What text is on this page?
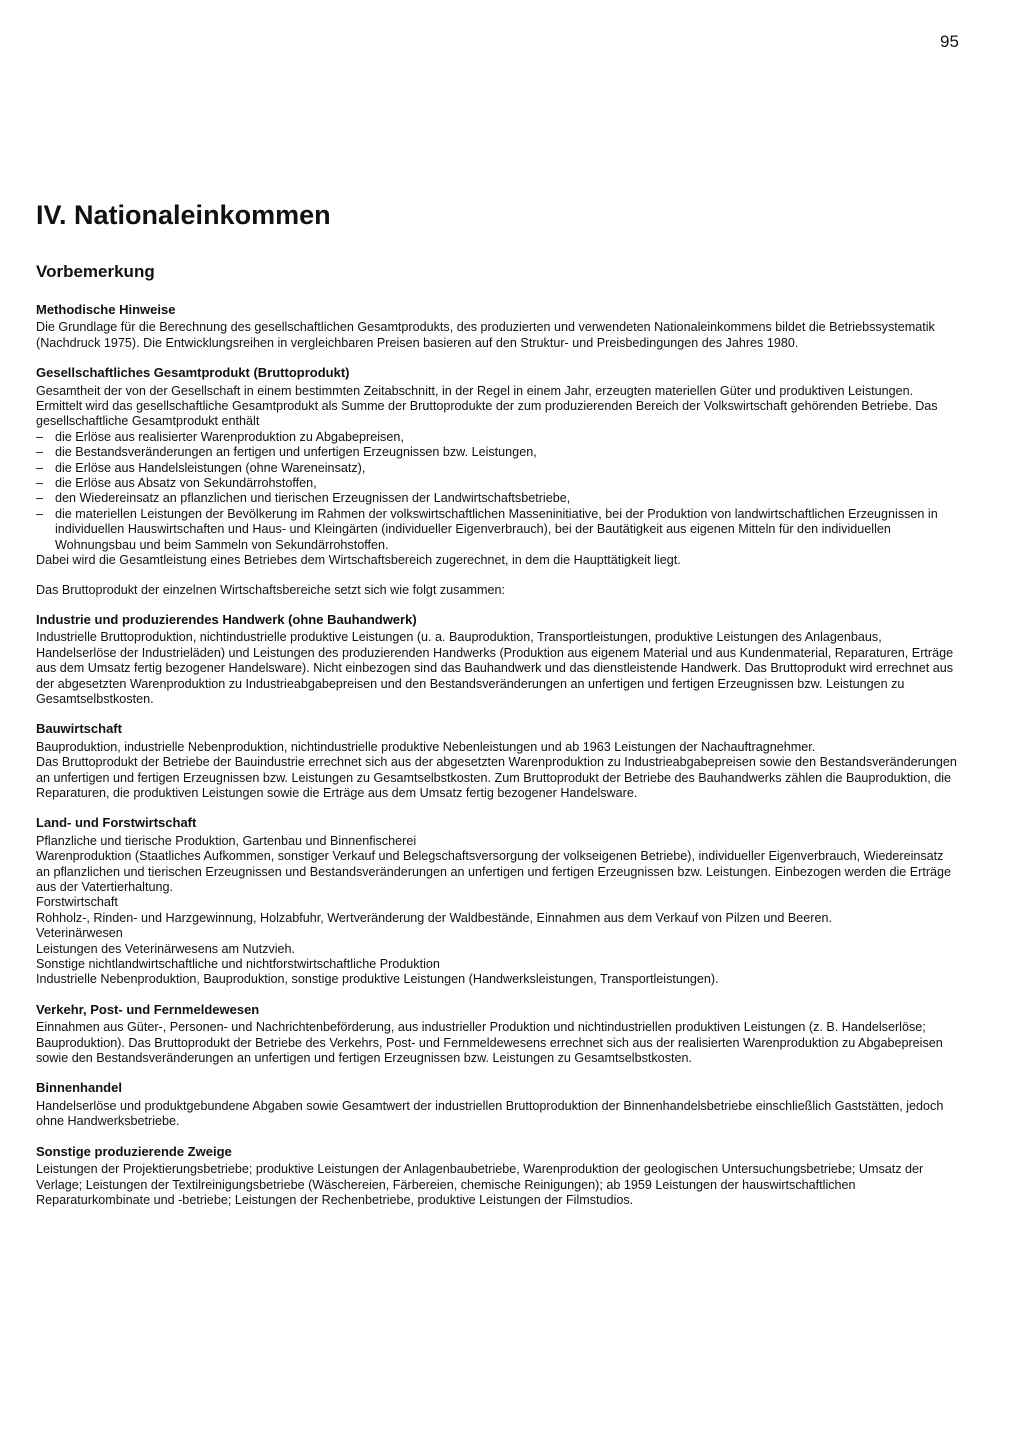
95
IV. Nationaleinkommen
Vorbemerkung
Methodische Hinweise

Die Grundlage für die Berechnung des gesellschaftlichen Gesamtprodukts, des produzierten und verwendeten Nationaleinkommens bildet die Betriebssystematik (Nachdruck 1975). Die Entwicklungsreihen in vergleichbaren Preisen basieren auf den Struktur- und Preisbedingungen des Jahres 1980.

Gesellschaftliches Gesamtprodukt (Bruttoprodukt)

Gesamtheit der von der Gesellschaft in einem bestimmten Zeitabschnitt, in der Regel in einem Jahr, erzeugten materiellen Güter und produktiven Leistungen. Ermittelt wird das gesellschaftliche Gesamtprodukt als Summe der Bruttoprodukte der zum produzierenden Bereich der Volkswirtschaft gehörenden Betriebe. Das gesellschaftliche Gesamtprodukt enthält

– die Erlöse aus realisierter Warenproduktion zu Abgabepreisen,
– die Bestandsveränderungen an fertigen und unfertigen Erzeugnissen bzw. Leistungen,
– die Erlöse aus Handelsleistungen (ohne Wareneinsatz),
– die Erlöse aus Absatz von Sekundärrohstoffen,
– den Wiedereinsatz an pflanzlichen und tierischen Erzeugnissen der Landwirtschaftsbetriebe,
– die materiellen Leistungen der Bevölkerung im Rahmen der volkswirtschaftlichen Masseninitiative, bei der Produktion von landwirtschaftlichen Erzeugnissen in individuellen Hauswirtschaften und Haus- und Kleingärten (individueller Eigenverbrauch), bei der Bautätigkeit aus eigenen Mitteln für den individuellen Wohnungsbau und beim Sammeln von Sekundärrohstoffen.

Dabei wird die Gesamtleistung eines Betriebes dem Wirtschaftsbereich zugerechnet, in dem die Haupttätigkeit liegt.

Das Bruttoprodukt der einzelnen Wirtschaftsbereiche setzt sich wie folgt zusammen:

Industrie und produzierendes Handwerk (ohne Bauhandwerk)

Industrielle Bruttoproduktion, nichtindustrielle produktive Leistungen (u. a. Bauproduktion, Transportleistungen, produktive Leistungen des Anlagenbaus, Handelserlöse der Industrieläden) und Leistungen des produzierenden Handwerks (Produktion aus eigenem Material und aus Kundenmaterial, Reparaturen, Erträge aus dem Umsatz fertig bezogener Handelsware). Nicht einbezogen sind das Bauhandwerk und das dienstleistende Handwerk. Das Bruttoprodukt wird errechnet aus der abgesetzten Warenproduktion zu Industrieabgabepreisen und den Bestandsveränderungen an unfertigen und fertigen Erzeugnissen bzw. Leistungen zu Gesamtselbstkosten.

Bauwirtschaft

Bauproduktion, industrielle Nebenproduktion, nichtindustrielle produktive Nebenleistungen und ab 1963 Leistungen der Nachauftragnehmer.

Das Bruttoprodukt der Betriebe der Bauindustrie errechnet sich aus der abgesetzten Warenproduktion zu Industrieabgabepreisen sowie den Bestandsveränderungen an unfertigen und fertigen Erzeugnissen bzw. Leistungen zu Gesamtselbstkosten. Zum Bruttoprodukt der Betriebe des Bauhandwerks zählen die Bauproduktion, die Reparaturen, die produktiven Leistungen sowie die Erträge aus dem Umsatz fertig bezogener Handelsware.

Land- und Forstwirtschaft

Pflanzliche und tierische Produktion, Gartenbau und Binnenfischerei

Warenproduktion (Staatliches Aufkommen, sonstiger Verkauf und Belegschaftsversorgung der volkseigenen Betriebe), individueller Eigenverbrauch, Wiedereinsatz an pflanzlichen und tierischen Erzeugnissen und Bestandsveränderungen an unfertigen und fertigen Erzeugnissen bzw. Leistungen. Einbezogen werden die Erträge aus der Vatertierhaltung.

Forstwirtschaft

Rohholz-, Rinden- und Harzgewinnung, Holzabfuhr, Wertveränderung der Waldbestände, Einnahmen aus dem Verkauf von Pilzen und Beeren.

Veterinärwesen

Leistungen des Veterinärwesens am Nutzvieh.

Sonstige nichtlandwirtschaftliche und nichtforstwirtschaftliche Produktion

Industrielle Nebenproduktion, Bauproduktion, sonstige produktive Leistungen (Handwerksleistungen, Transportleistungen).

Verkehr, Post- und Fernmeldewesen

Einnahmen aus Güter-, Personen- und Nachrichtenbeförderung, aus industrieller Produktion und nichtindustriellen produktiven Leistungen (z. B. Handelserlöse; Bauproduktion). Das Bruttoprodukt der Betriebe des Verkehrs, Post- und Fernmeldewesens errechnet sich aus der realisierten Warenproduktion zu Abgabepreisen sowie den Bestandsveränderungen an unfertigen und fertigen Erzeugnissen bzw. Leistungen zu Gesamtselbstkosten.

Binnenhandel

Handelserlöse und produktgebundene Abgaben sowie Gesamtwert der industriellen Bruttoproduktion der Binnenhandelsbetriebe einschließlich Gaststätten, jedoch ohne Handwerksbetriebe.

Sonstige produzierende Zweige

Leistungen der Projektierungsbetriebe; produktive Leistungen der Anlagenbaubetriebe, Warenproduktion der geologischen Untersuchungsbetriebe; Umsatz der Verlage; Leistungen der Textilreinigungsbetriebe (Wäschereien, Färbereien, chemische Reinigungen); ab 1959 Leistungen der hauswirtschaftlichen Reparaturkombinate und -betriebe; Leistungen der Rechenbetriebe, produktive Leistungen der Filmstudios.
